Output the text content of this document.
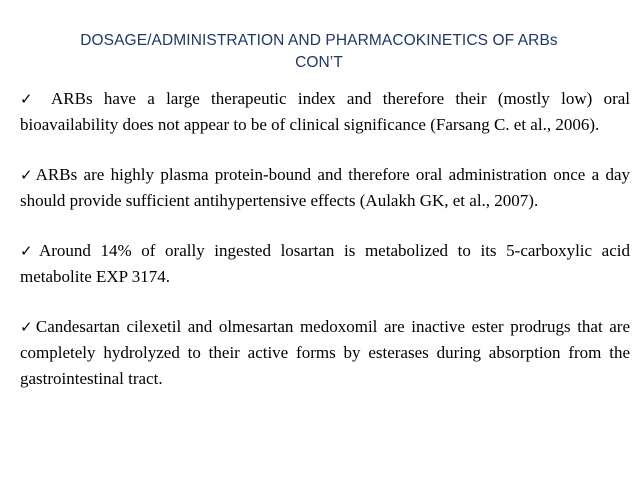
DOSAGE/ADMINISTRATION AND PHARMACOKINETICS OF ARBs
CON’T

✓ ARBs have a large therapeutic index and therefore their (mostly low) oral bioavailability does not appear to be of clinical significance (Farsang C. et al., 2006).

✓ARBs are highly plasma protein-bound and therefore oral administration once a day should provide sufficient antihypertensive effects (Aulakh GK, et al., 2007).

✓Around 14% of orally ingested losartan is metabolized to its 5-carboxylic acid metabolite EXP 3174.

✓Candesartan cilexetil and olmesartan medoxomil are inactive ester prodrugs that are completely hydrolyzed to their active forms by esterases during absorption from the gastrointestinal tract.
